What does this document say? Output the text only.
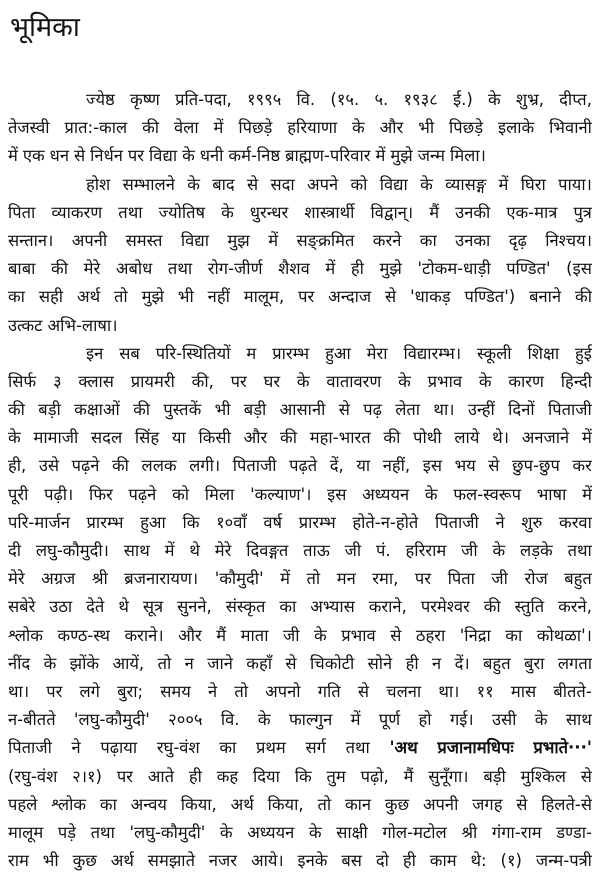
भूमिका
ज्येष्ठ कृष्ण प्रति-पदा, १९९५ वि. (१५. ५. १९३८ ई.) के शुभ्र, दीप्त,
तेजस्वी प्रात:-काल की वेला में पिछड़े हरियाणा के और भी पिछड़े इलाके भिवानी
में एक धन से निर्धन पर विद्या के धनी कर्म-निष्ठ ब्राह्मण-परिवार में मुझे जन्म मिला।
होश सम्भालने के बाद से सदा अपने को विद्या के व्यासङ्ग में घिरा पाया।
पिता व्याकरण तथा ज्योतिष के धुरन्धर शास्त्रार्थी विद्वान्। मैं उनकी एक-मात्र पुत्र
सन्तान। अपनी समस्त विद्या मुझ में सङ्क्रमित करने का उनका दृढ़ निश्चय।
बाबा की मेरे अबोध तथा रोग-जीर्ण शैशव में ही मुझे 'टोकम-धाड़ी पण्डित' (इस
का सही अर्थ तो मुझे भी नहीं मालूम, पर अन्दाज से 'धाकड़ पण्डित') बनाने की
उत्कट अभि-लाषा।
इन सब परि-स्थितियों म प्रारम्भ हुआ मेरा विद्यारम्भ। स्कूली शिक्षा हुई
सिर्फ ३ क्लास प्रायमरी की, पर घर के वातावरण के प्रभाव के कारण हिन्दी
की बड़ी कक्षाओं की पुस्तकें भी बड़ी आसानी से पढ़ लेता था। उन्हीं दिनों पिताजी
के मामाजी सदल सिंह या किसी और की महा-भारत की पोथी लाये थे। अनजाने में
ही, उसे पढ़ने की ललक लगी। पिताजी पढ़ते दें, या नहीं, इस भय से छुप-छुप कर
पूरी पढ़ी। फिर पढ़ने को मिला 'कल्याण'। इस अध्ययन के फल-स्वरूप भाषा में
परि-मार्जन प्रारम्भ हुआ कि १०वाँ वर्ष प्रारम्भ होते-न-होते पिताजी ने शुरु करवा
दी लघु-कौमुदी। साथ में थे मेरे दिवङ्गत ताऊ जी पं. हरिराम जी के लड़के तथा
मेरे अग्रज श्री ब्रजनारायण। 'कौमुदी' में तो मन रमा, पर पिता जी रोज बहुत
सबेरे उठा देते थे सूत्र सुनने, संस्कृत का अभ्यास कराने, परमेश्वर की स्तुति करने,
श्लोक कण्ठ-स्थ कराने। और मैं माता जी के प्रभाव से ठहरा 'निद्रा का कोथळा'।
नींद के झोंके आयें, तो न जाने कहाँ से चिकोटी सोने ही न दें। बहुत बुरा लगता
था। पर लगे बुरा; समय ने तो अपनो गति से चलना था। ११ मास बीतते-
न-बीतते 'लघु-कौमुदी' २००५ वि. के फाल्गुन में पूर्ण हो गई। उसी के साथ
पिताजी ने पढ़ाया रघु-वंश का प्रथम सर्ग तथा 'अथ प्रजानामधिपः प्रभाते···'
(रघु-वंश २।१) पर आते ही कह दिया कि तुम पढ़ो, मैं सुनूँगा। बड़ी मुश्किल से
पहले श्लोक का अन्वय किया, अर्थ किया, तो कान कुछ अपनी जगह से हिलते-से
मालूम पड़े तथा 'लघु-कौमुदी' के अध्ययन के साक्षी गोल-मटोल श्री गंगा-राम डण्डा-
राम भी कुछ अर्थ समझाते नजर आये। इनके बस दो ही काम थे: (१) जन्म-पत्री
